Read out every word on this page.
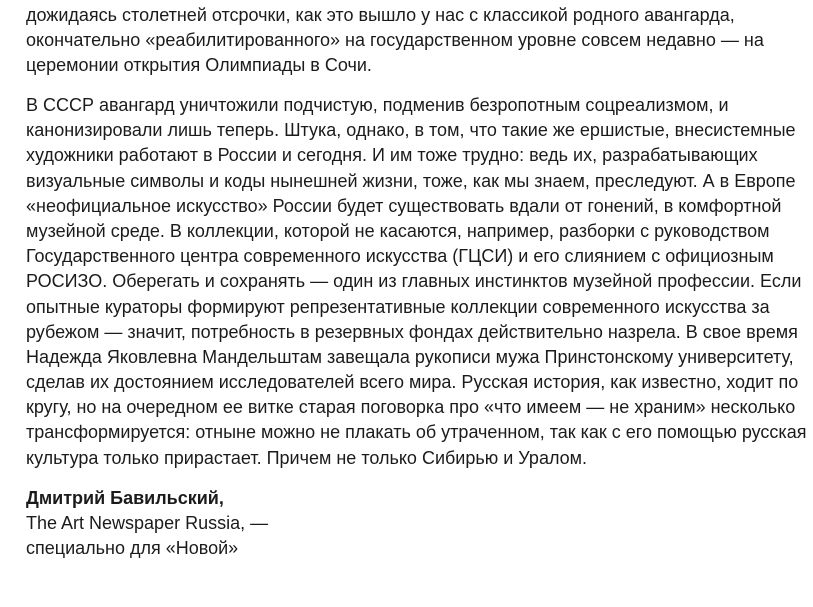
дожидаясь столетней отсрочки, как это вышло у нас с классикой родного авангарда,
окончательно «реабилитированного» на государственном уровне совсем недавно — на
церемонии открытия Олимпиады в Сочи.
В СССР авангард уничтожили подчистую, подменив безропотным соцреализмом, и
канонизировали лишь теперь. Штука, однако, в том, что такие же ершистые, внесистемные
художники работают в России и сегодня. И им тоже трудно: ведь их, разрабатывающих
визуальные символы и коды нынешней жизни, тоже, как мы знаем, преследуют. А в Европе
«неофициальное искусство» России будет существовать вдали от гонений, в комфортной
музейной среде. В коллекции, которой не касаются, например, разборки с руководством
Государственного центра современного искусства (ГЦСИ) и его слиянием с официозным
РОСИЗО. Оберегать и сохранять — один из главных инстинктов музейной профессии. Если
опытные кураторы формируют репрезентативные коллекции современного искусства за
рубежом — значит, потребность в резервных фондах действительно назрела. В свое время
Надежда Яковлевна Мандельштам завещала рукописи мужа Принстонскому университету,
сделав их достоянием исследователей всего мира. Русская история, как известно, ходит по
кругу, но на очередном ее витке старая поговорка про «что имеем — не храним» несколько
трансформируется: отныне можно не плакать об утраченном, так как с его помощью русская
культура только прирастает. Причем не только Сибирью и Уралом.
Дмитрий Бавильский,
The Art Newspaper Russia, —
специально для «Новой»
